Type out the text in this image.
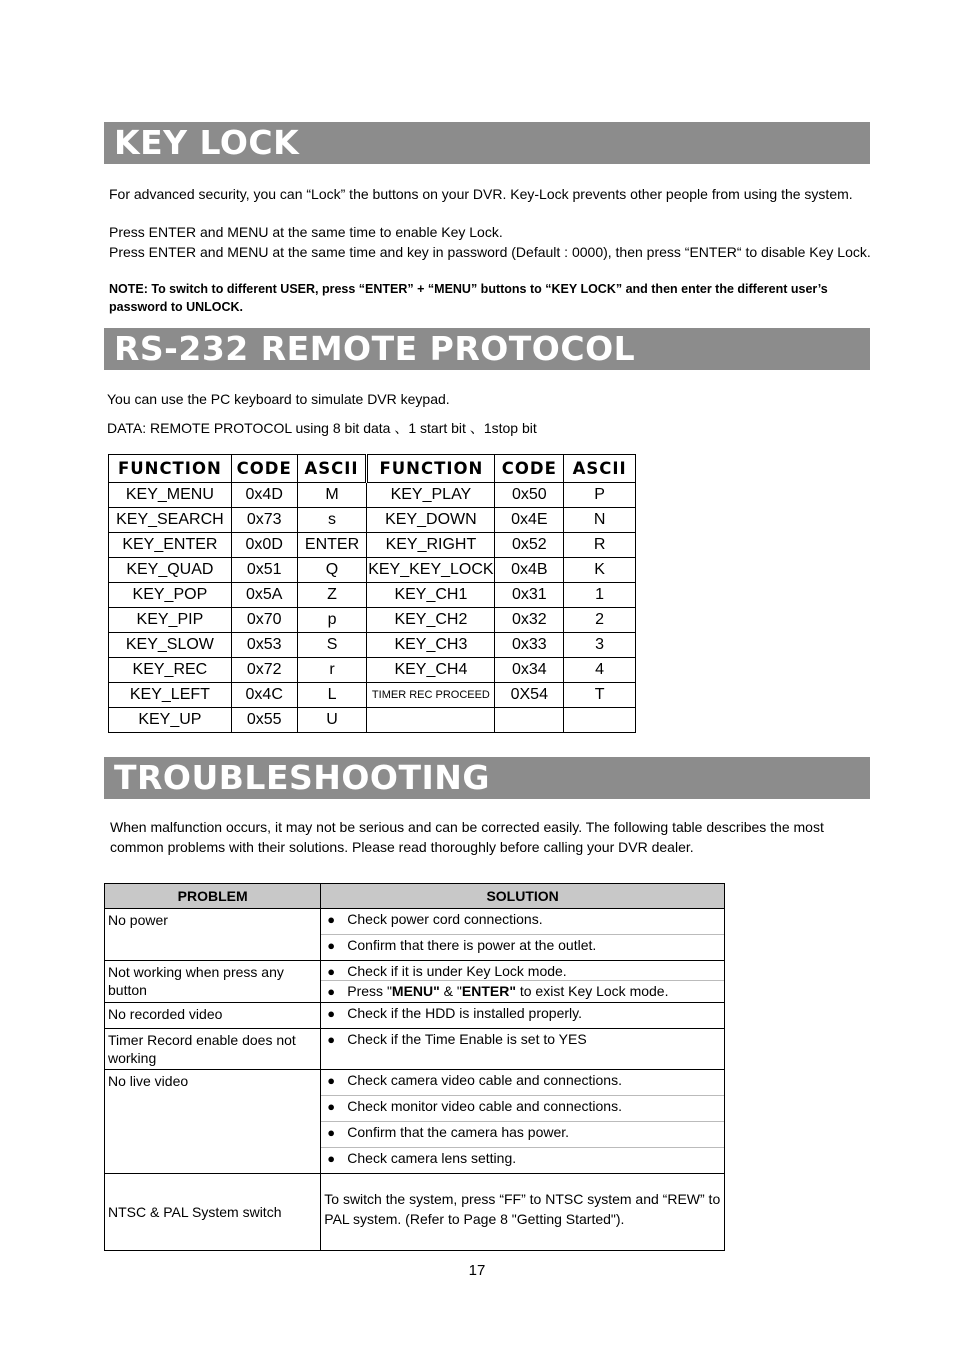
KEY LOCK
For advanced security, you can “Lock” the buttons on your DVR. Key-Lock prevents other people from using the system.
Press ENTER and MENU at the same time to enable Key Lock.
Press ENTER and MENU at the same time and key in password (Default : 0000), then press “ENTER“ to disable Key Lock.
NOTE: To switch to different USER, press “ENTER” + “MENU” buttons to “KEY LOCK” and then enter the different user’s
password to UNLOCK.
RS-232 REMOTE PROTOCOL
You can use the PC keyboard to simulate DVR keypad.
DATA: REMOTE PROTOCOL using 8 bit data 、1 start bit 、1stop bit
FUNCTION	CODE	ASCII	FUNCTION	CODE	ASCII
KEY_MENU	0x4D	M	KEY_PLAY	0x50	P
KEY_SEARCH	0x73	s	KEY_DOWN	0x4E	N
KEY_ENTER	0x0D	ENTER	KEY_RIGHT	0x52	R
KEY_QUAD	0x51	Q	KEY_KEY_LOCK	0x4B	K
KEY_POP	0x5A	Z	KEY_CH1	0x31	1
KEY_PIP	0x70	p	KEY_CH2	0x32	2
KEY_SLOW	0x53	S	KEY_CH3	0x33	3
KEY_REC	0x72	r	KEY_CH4	0x34	4
KEY_LEFT	0x4C	L	TIMER REC PROCEED	0X54	T
KEY_UP	0x55	U			
TROUBLESHOOTING
When malfunction occurs, it may not be serious and can be corrected easily. The following table describes the most
common problems with their solutions. Please read thoroughly before calling your DVR dealer.
PROBLEM	SOLUTION
No power	● Check power cord connections.
● Confirm that there is power at the outlet.

Not working when press any button	● Check if it is under Key Lock mode.
● Press "MENU" & "ENTER" to exist Key Lock mode.

No recorded video	● Check if the HDD is installed properly.

Timer Record enable does not working	● Check if the Time Enable is set to YES

No live video	● Check camera video cable and connections.
● Check monitor video cable and connections.
● Confirm that the camera has power.
● Check camera lens setting.

NTSC & PAL System switch	To switch the system, press “FF” to NTSC system and “REW” to PAL system. (Refer to Page 8 "Getting Started").
17
